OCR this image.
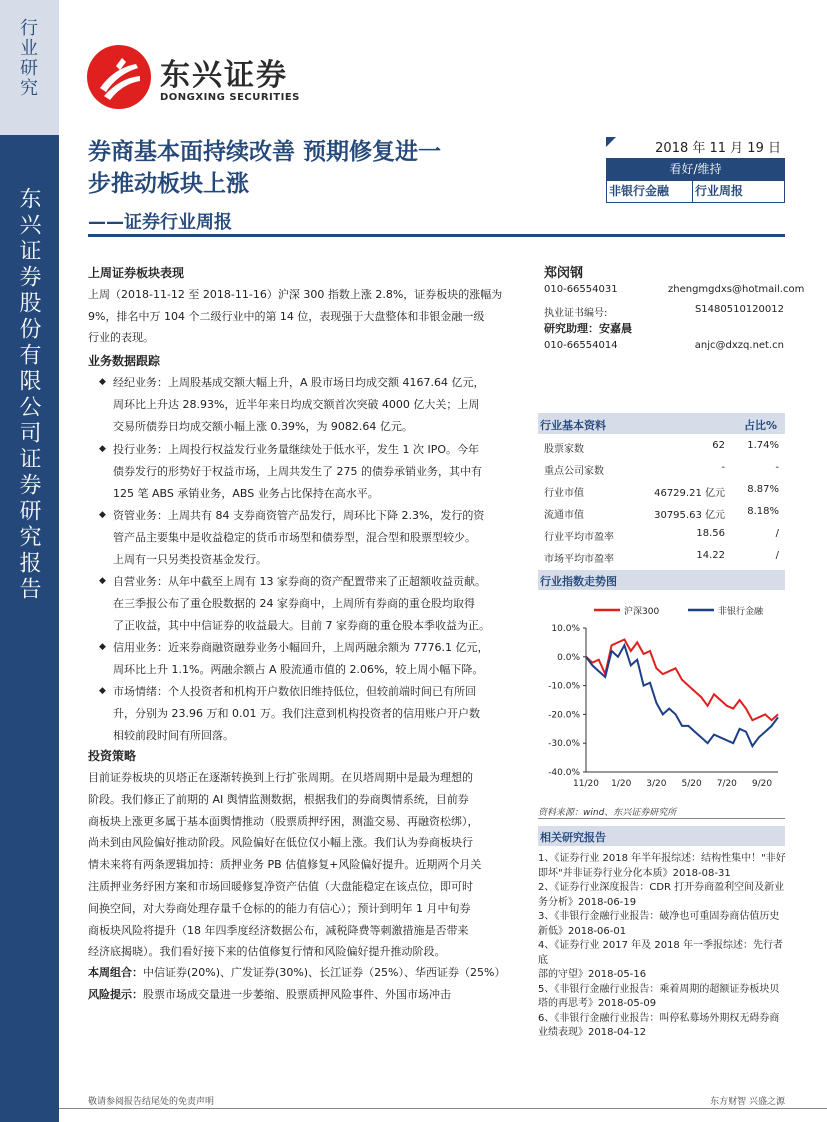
行业研究
东兴证券股份有限公司证券研究报告
东兴证券
DONGXING SECURITIES
券商基本面持续改善 预期修复进一
步推动板块上涨
——证券行业周报
2018 年 11 月 19 日
看好/维持
非银行金融	行业周报
上周证券板块表现
上周（2018-11-12 至 2018-11-16）沪深 300 指数上涨 2.8%，证券板块的涨幅为
9%，排名中万 104 个二级行业中的第 14 位，表现强于大盘整体和非银金融一级
行业的表现。
业务数据跟踪
◆ 经纪业务：上周股基成交额大幅上升，A 股市场日均成交额 4167.64 亿元，
周环比上升达 28.93%，近半年来日均成交额首次突破 4000 亿大关；上周
交易所债券日均成交额小幅上涨 0.39%，为 9082.64 亿元。
◆ 投行业务：上周投行权益发行业务量继续处于低水平，发生 1 次 IPO。今年
债券发行的形势好于权益市场，上周共发生了 275 的债券承销业务，其中有
125 笔 ABS 承销业务，ABS 业务占比保持在高水平。
◆ 资管业务：上周共有 84 支券商资管产品发行，周环比下降 2.3%，发行的资
管产品主要集中是收益稳定的货币市场型和债券型，混合型和股票型较少。
上周有一只另类投资基金发行。
◆ 自营业务：从年中截至上周有 13 家券商的资产配置带来了正超额收益贡献。
在三季报公布了重仓股数据的 24 家券商中，上周所有券商的重仓股均取得
了正收益，其中中信证券的收益最大。目前 7 家券商的重仓股本季收益为正。
◆ 信用业务：近来券商融资融券业务小幅回升，上周两融余额为 7776.1 亿元，
周环比上升 1.1%。两融余额占 A 股流通市值的 2.06%，较上周小幅下降。
◆ 市场情绪：个人投资者和机构开户数依旧维持低位，但较前端时间已有所回
升，分别为 23.96 万和 0.01 万。我们注意到机构投资者的信用账户开户数
相较前段时间有所回落。
投资策略
目前证券板块的贝塔正在逐渐转换到上行扩张周期。在贝塔周期中是最为理想的
阶段。我们修正了前期的 AI 舆情监测数据，根据我们的券商舆情系统，目前券
商板块上涨更多属于基本面舆情推动（股票质押纾困，测滥交易、再融资松绑），
尚未到由风险偏好推动阶段。风险偏好在低位仅小幅上涨。我们认为券商板块行
情未来将有两条逻辑加持：质押业务 PB 估值修复+风险偏好提升。近期两个月关
注质押业务纾困方案和市场回暖修复净资产估值（大盘能稳定在该点位，即可时
间换空间，对大券商处理存量千仓标的的能力有信心）；预计到明年 1 月中旬券
商板块风险将提升（18 年四季度经济数据公布，减税降费等刺激措施是否带来
经济底揭晓）。我们看好接下来的估值修复行情和风险偏好提升推动阶段。
本周组合：中信证券(20%)、广发证券(30%)、长江证券（25%）、华西证券（25%）
风险提示：股票市场成交量进一步萎缩、股票质押风险事件、外国市场冲击
郑闵钢
010-66554031	zhengmgdxs@hotmail.com
执业证书编号:	S1480510120012
研究助理：安嘉晨
010-66554014	anjc@dxzq.net.cn
行业基本资料	占比%
股票家数	62 1.74%
重点公司家数	-	-
行业市值	46729.21 亿元 8.87%
流通市值	30795.63 亿元 8.18%
行业平均市盈率	18.56	/
市场平均市盈率	14.22	/
行业指数走势图
10.0%
0.0%
-10.0%
-20.0%
-30.0%
-40.0%
11/20 1/20 3/20 5/20 7/20 9/20
沪深300	非银行金融
资料来源：wind、东兴证券研究所
相关研究报告
1、《证券行业 2018 年半年报综述：结构性集中！"非好
即坏"并非证券行业分化本质》2018-08-31
2、《证券行业深度报告：CDR 打开券商盈利空间及新业
务分析》2018-06-19
3、《非银行金融行业报告：破净也可重固券商估值历史
新低》2018-06-01
4、《证券行业 2017 年及 2018 年一季报综述：先行者底
部的守望》2018-05-16
5、《非银行金融行业报告：乘着周期的超额证券板块贝
塔的再思考》2018-05-09
6、《非银行金融行业报告：叫停私募场外期权无碍券商
业绩表现》2018-04-12
敬请参阅报告结尾处的免责声明	东方财智 兴盛之源
